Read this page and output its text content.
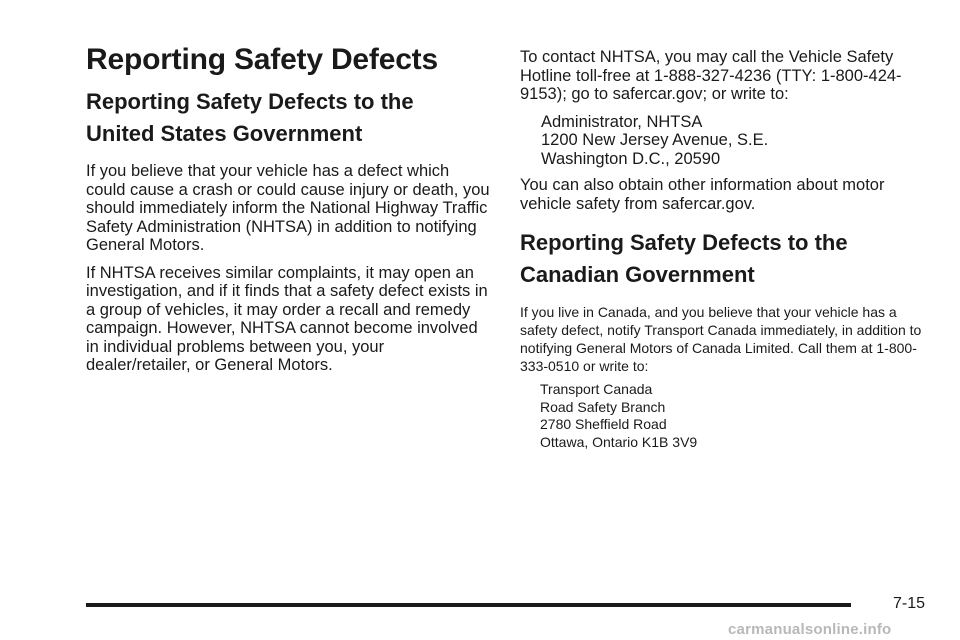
Reporting Safety Defects
Reporting Safety Defects to the
United States Government

If you believe that your vehicle has a defect which could cause a crash or could cause injury or death, you should immediately inform the National Highway Traffic Safety Administration (NHTSA) in addition to notifying General Motors.

If NHTSA receives similar complaints, it may open an investigation, and if it finds that a safety defect exists in a group of vehicles, it may order a recall and remedy campaign. However, NHTSA cannot become involved in individual problems between you, your dealer/retailer, or General Motors.

To contact NHTSA, you may call the Vehicle Safety Hotline toll-free at 1-888-327-4236 (TTY: 1-800-424-9153); go to safercar.gov; or write to:

Administrator, NHTSA
1200 New Jersey Avenue, S.E.
Washington D.C., 20590

You can also obtain other information about motor vehicle safety from safercar.gov.

Reporting Safety Defects to the
Canadian Government

If you live in Canada, and you believe that your vehicle has a safety defect, notify Transport Canada immediately, in addition to notifying General Motors of Canada Limited. Call them at 1-800-333-0510 or write to:

Transport Canada
Road Safety Branch
2780 Sheffield Road
Ottawa, Ontario K1B 3V9
7-15
carmanualsonline.info
